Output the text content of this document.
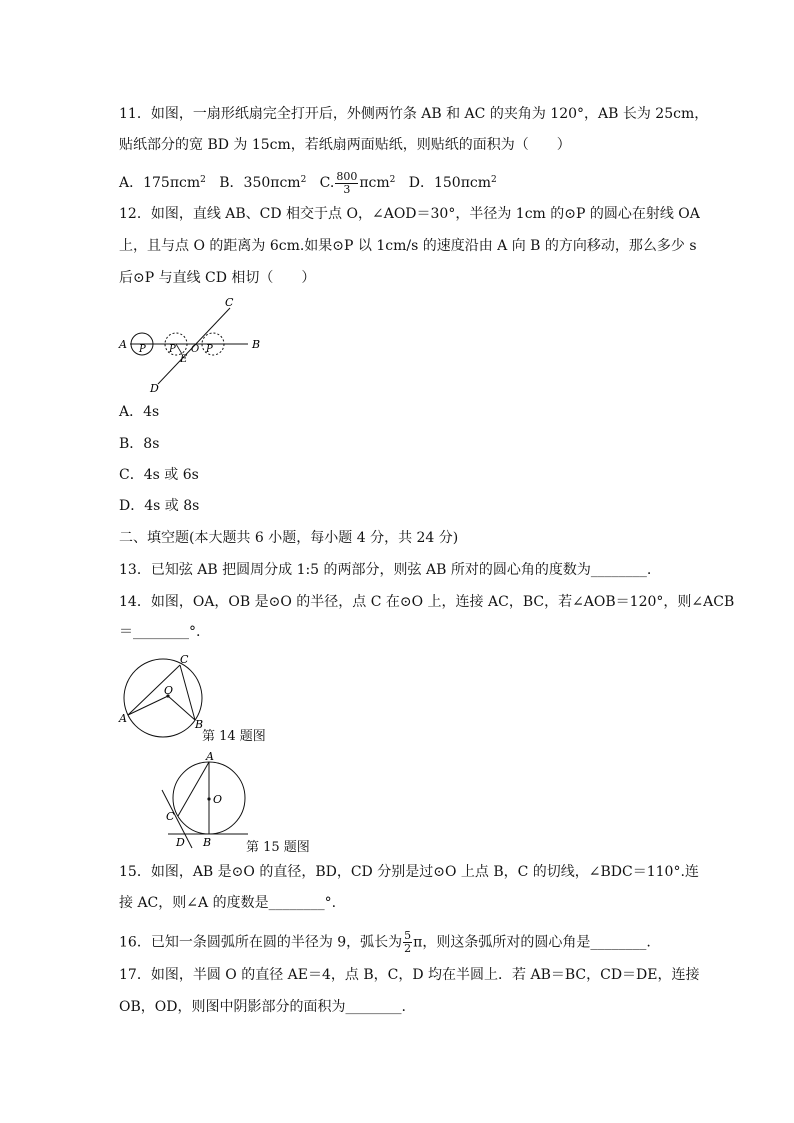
11．如图，一扇形纸扇完全打开后，外侧两竹条 AB 和 AC 的夹角为 120°，AB 长为 25cm，
贴纸部分的宽 BD 为 15cm，若纸扇两面贴纸，则贴纸的面积为（　　）
A．175πcm$^2$ B．350πcm$^2$ C. $\frac{800}{3} \pi cm^2$ D．150πcm$^2$
12．如图，直线 AB、CD 相交于点 O，∠AOD＝30°，半径为 1cm 的⊙P 的圆心在射线 OA
上，且与点 O 的距离为 6cm.如果⊙P 以 1cm/s 的速度沿由 A 向 B 的方向移动，那么多少 s
后⊙P 与直线 CD 相切（　　）
A	B
C
D
E
O
P P	P
A．4s
B．8s
C．4s 或 6s
D．4s 或 8s
二、填空题(本大题共 6 小题，每小题 4 分，共 24 分)
13．已知弦 AB 把圆周分成 1:5 的两部分，则弦 AB 所对的圆心角的度数为________.
14．如图，OA，OB 是⊙O 的半径，点 C 在⊙O 上，连接 AC，BC，若∠AOB＝120°，则∠ACB
＝________°.
A	B
C
O
第 14 题图
A
B
C
D
O
第 15 题图
15．如图，AB 是⊙O 的直径，BD，CD 分别是过⊙O 上点 B，C 的切线，∠BDC＝110°.连
接 AC，则∠A 的度数是________°.
16．已知一条圆弧所在圆的半径为 9，弧长为 $\frac{5}{2}$ π，则这条弧所对的圆心角是________.
17．如图，半圆 O 的直径 AE＝4，点 B，C，D 均在半圆上．若 AB＝BC，CD＝DE，连接
OB，OD，则图中阴影部分的面积为________.
